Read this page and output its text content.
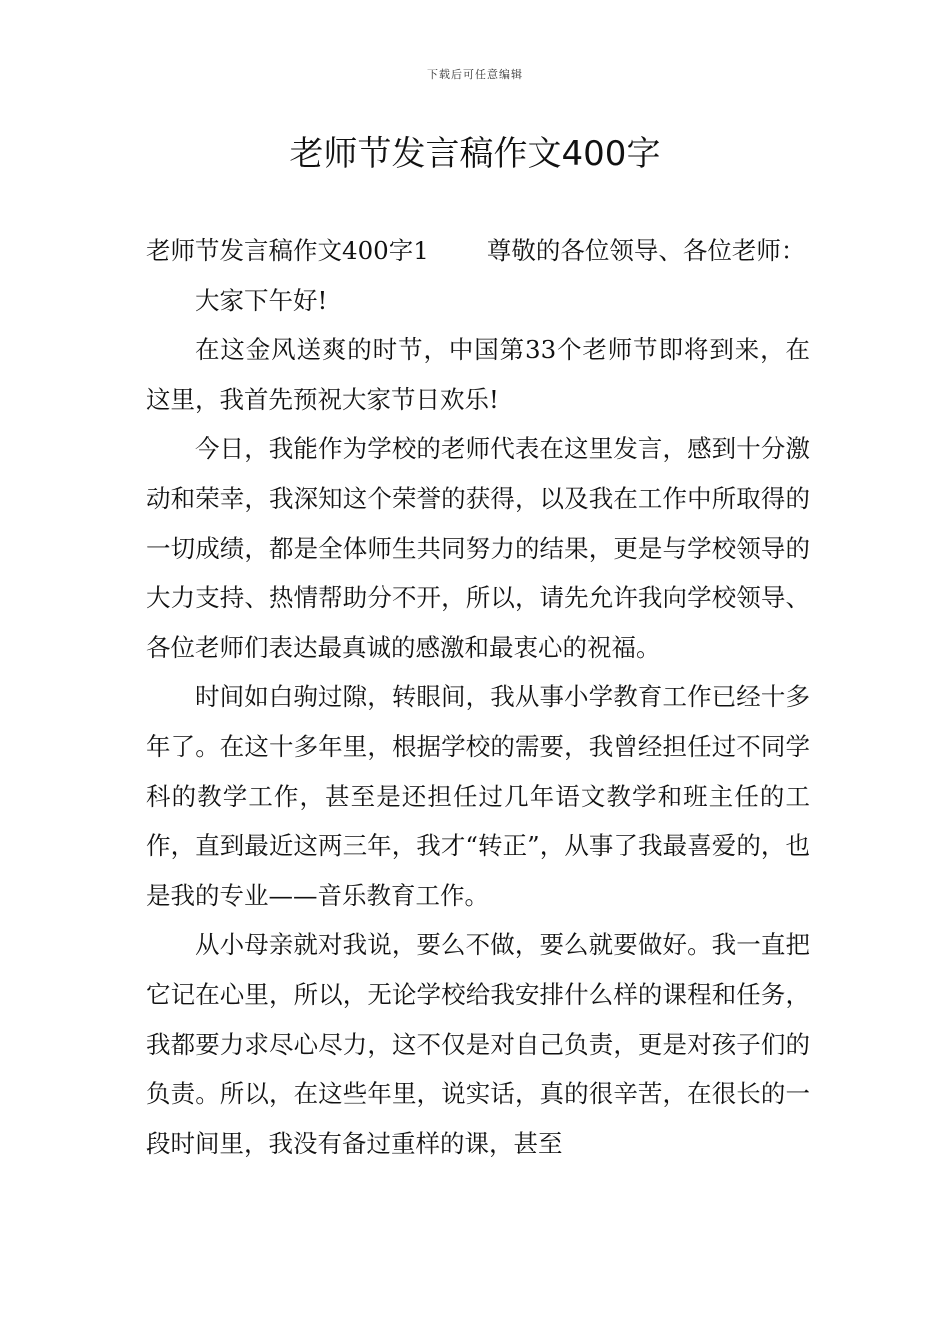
下载后可任意编辑
老师节发言稿作文400字

老师节发言稿作文400字1 尊敬的各位领导、各位老师：

大家下午好!

在这金风送爽的时节，中国第33个老师节即将到来，在这里，我首先预祝大家节日欢乐!

今日，我能作为学校的老师代表在这里发言，感到十分激动和荣幸，我深知这个荣誉的获得，以及我在工作中所取得的一切成绩，都是全体师生共同努力的结果，更是与学校领导的大力支持、热情帮助分不开，所以，请先允许我向学校领导、各位老师们表达最真诚的感激和最衷心的祝福。

时间如白驹过隙，转眼间，我从事小学教育工作已经十多年了。在这十多年里，根据学校的需要，我曾经担任过不同学科的教学工作，甚至是还担任过几年语文教学和班主任的工作，直到最近这两三年，我才“转正”，从事了我最喜爱的，也是我的专业——音乐教育工作。

从小母亲就对我说，要么不做，要么就要做好。我一直把它记在心里，所以，无论学校给我安排什么样的课程和任务，我都要力求尽心尽力，这不仅是对自己负责，更是对孩子们的负责。所以，在这些年里，说实话，真的很辛苦，在很长的一段时间里，我没有备过重样的课，甚至
